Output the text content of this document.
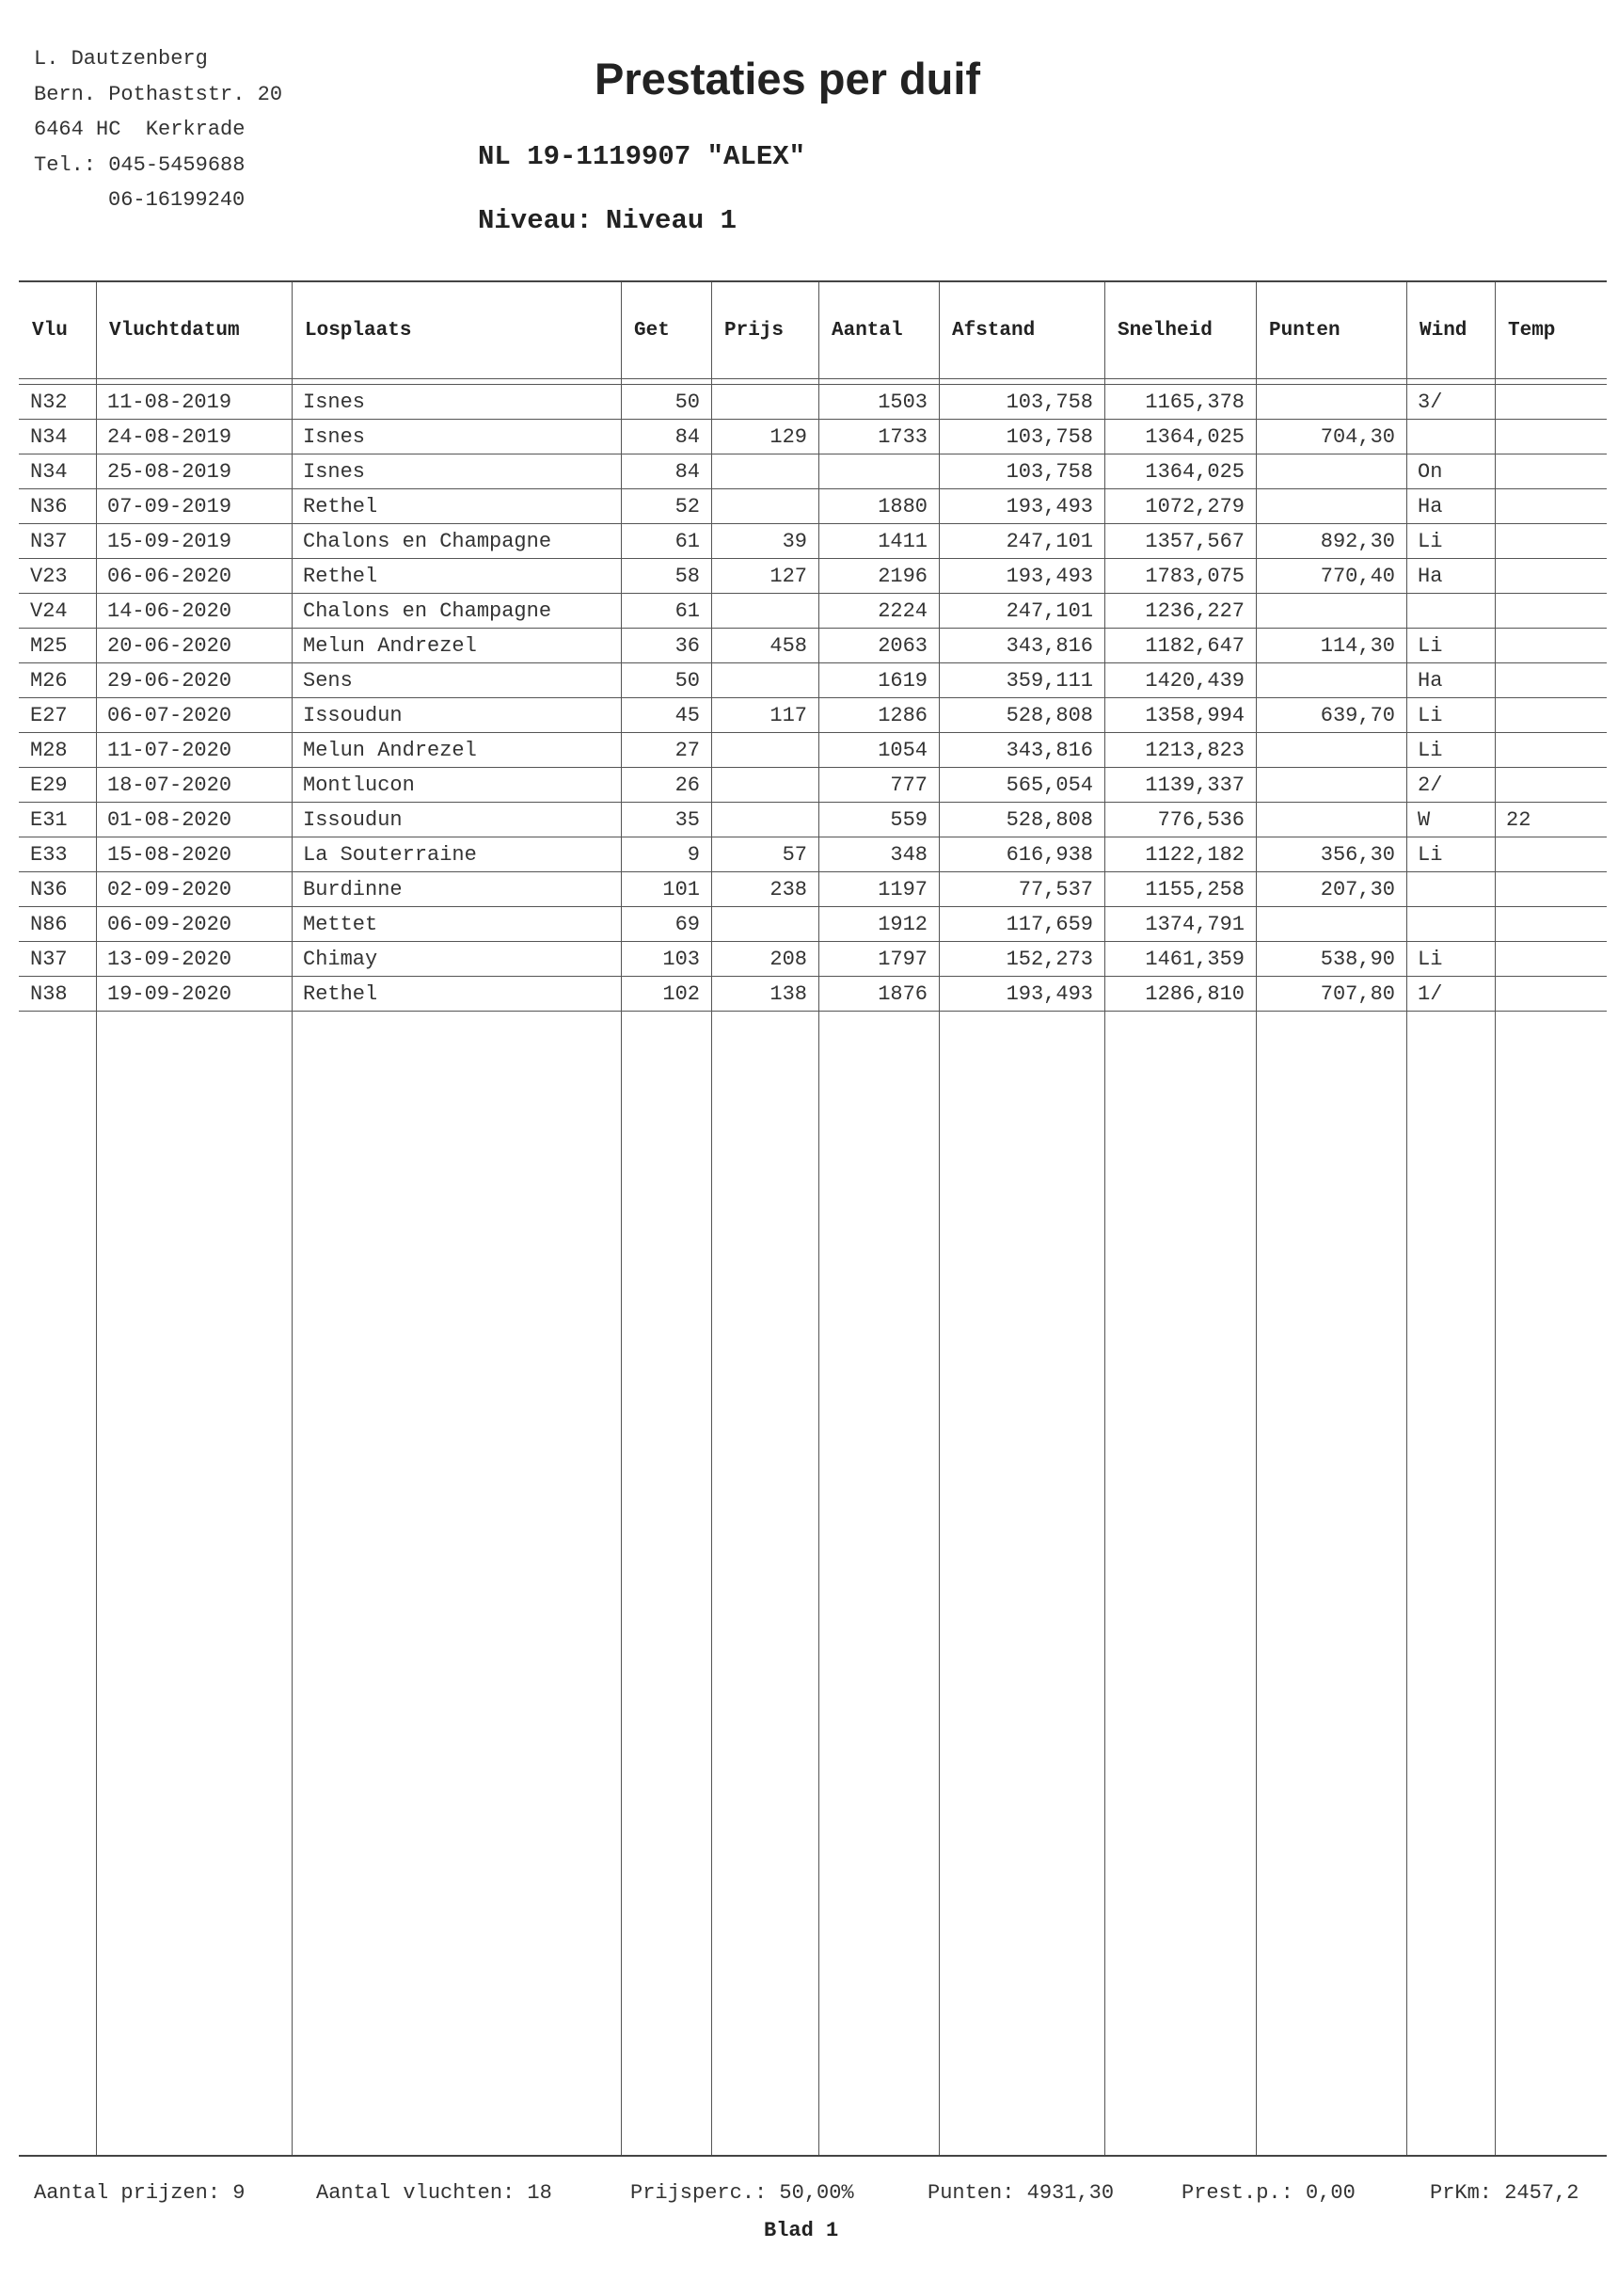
L. Dautzenberg
Bern. Pothaststr. 20
6464 HC  Kerkrade
Tel.: 045-5459688
06-16199240
Prestaties per duif
NL 19-1119907 "ALEX"
Niveau: Niveau 1
Vlu	Vluchtdatum	Losplaats	Get	Prijs	Aantal	Afstand	Snelheid	Punten	Wind	Temp

N32	11-08-2019	Isnes	50		1503	103,758	1165,378		3/	
N34	24-08-2019	Isnes	84	129	1733	103,758	1364,025	704,30		
N34	25-08-2019	Isnes	84			103,758	1364,025		On	
N36	07-09-2019	Rethel	52		1880	193,493	1072,279		Ha	
N37	15-09-2019	Chalons en Champagne	61	39	1411	247,101	1357,567	892,30	Li	
V23	06-06-2020	Rethel	58	127	2196	193,493	1783,075	770,40	Ha	
V24	14-06-2020	Chalons en Champagne	61		2224	247,101	1236,227			
M25	20-06-2020	Melun Andrezel	36	458	2063	343,816	1182,647	114,30	Li	
M26	29-06-2020	Sens	50		1619	359,111	1420,439		Ha	
E27	06-07-2020	Issoudun	45	117	1286	528,808	1358,994	639,70	Li	
M28	11-07-2020	Melun Andrezel	27		1054	343,816	1213,823		Li	
E29	18-07-2020	Montlucon	26		777	565,054	1139,337		2/	
E31	01-08-2020	Issoudun	35		559	528,808	776,536		W	22
E33	15-08-2020	La Souterraine	9	57	348	616,938	1122,182	356,30	Li	
N36	02-09-2020	Burdinne	101	238	1197	77,537	1155,258	207,30		
N86	06-09-2020	Mettet	69		1912	117,659	1374,791			
N37	13-09-2020	Chimay	103	208	1797	152,273	1461,359	538,90	Li	
N38	19-09-2020	Rethel	102	138	1876	193,493	1286,810	707,80	1/	
Aantal prijzen: 9	Aantal vluchten: 18	Prijsperc.: 50,00%	Punten: 4931,30	Prest.p.: 0,00	PrKm: 2457,2
Blad 1
